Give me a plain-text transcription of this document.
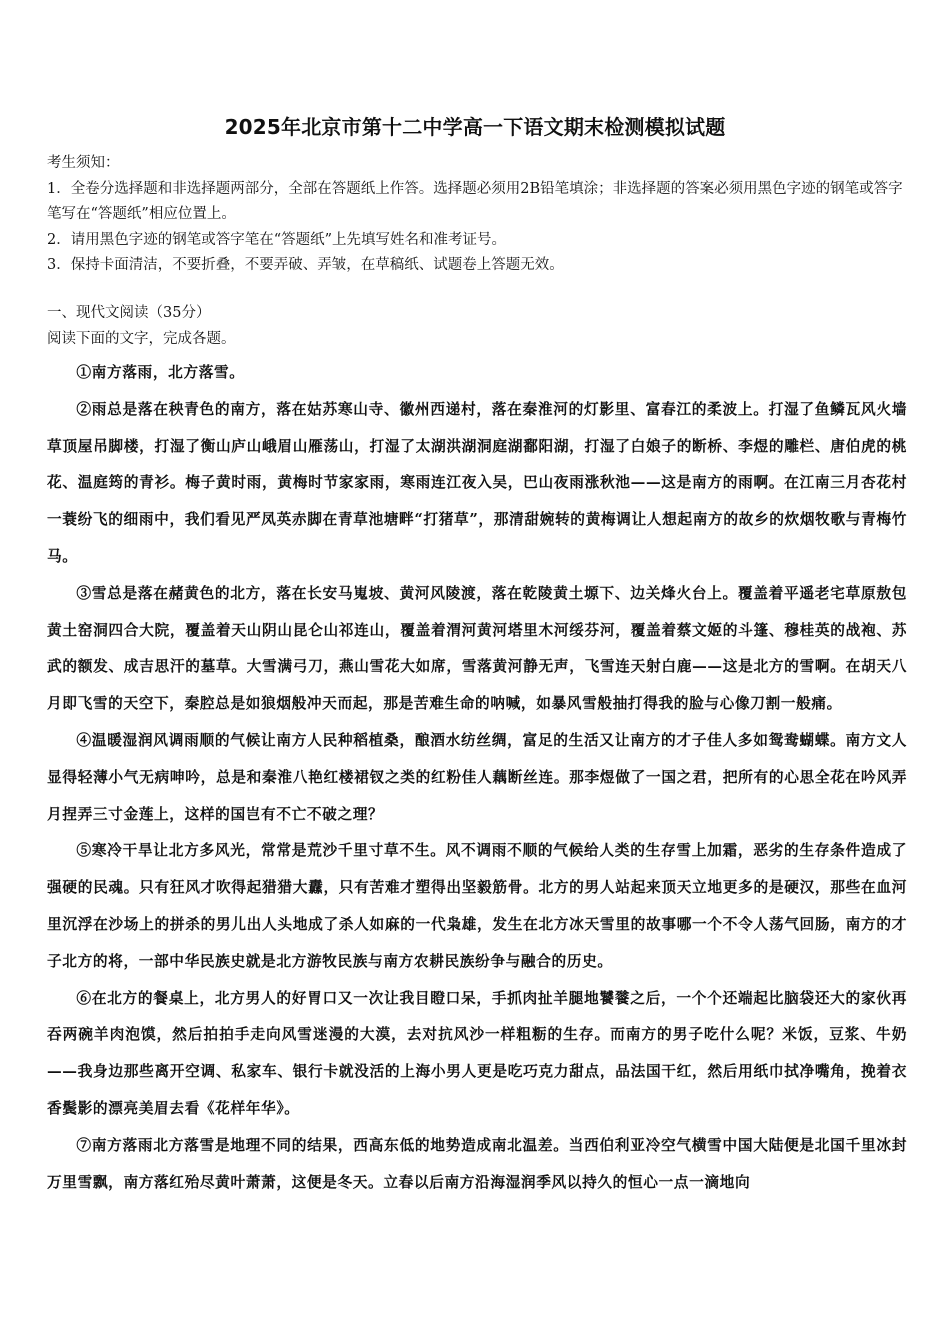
2025年北京市第十二中学高一下语文期末检测模拟试题

考生须知：

1．全卷分选择题和非选择题两部分，全部在答题纸上作答。选择题必须用2B铅笔填涂；非选择题的答案必须用黑色字迹的钢笔或答字笔写在“答题纸”相应位置上。

2．请用黑色字迹的钢笔或答字笔在“答题纸”上先填写姓名和准考证号。

3．保持卡面清洁，不要折叠，不要弄破、弄皱，在草稿纸、试题卷上答题无效。

一、现代文阅读（35分）

阅读下面的文字，完成各题。

①南方落雨，北方落雪。

②雨总是落在秧青色的南方，落在姑苏寒山寺、徽州西递村，落在秦淮河的灯影里、富春江的柔波上。打湿了鱼鳞瓦风火墙草顶屋吊脚楼，打湿了衡山庐山峨眉山雁荡山，打湿了太湖洪湖洞庭湖鄱阳湖，打湿了白娘子的断桥、李煜的雕栏、唐伯虎的桃花、温庭筠的青衫。梅子黄时雨，黄梅时节家家雨，寒雨连江夜入吴，巴山夜雨涨秋池——这是南方的雨啊。在江南三月杏花村一蓑纷飞的细雨中，我们看见严凤英赤脚在青草池塘畔“打猪草”，那清甜婉转的黄梅调让人想起南方的故乡的炊烟牧歌与青梅竹马。

③雪总是落在赭黄色的北方，落在长安马嵬坡、黄河风陵渡，落在乾陵黄土塬下、边关烽火台上。覆盖着平遥老宅草原敖包黄土窑洞四合大院，覆盖着天山阴山昆仑山祁连山，覆盖着渭河黄河塔里木河绥芬河，覆盖着蔡文姬的斗篷、穆桂英的战袍、苏武的额发、成吉思汗的墓草。大雪满弓刀，燕山雪花大如席，雪落黄河静无声，飞雪连天射白鹿——这是北方的雪啊。在胡天八月即飞雪的天空下，秦腔总是如狼烟般冲天而起，那是苦难生命的呐喊，如暴风雪般抽打得我的脸与心像刀割一般痛。

④温暖湿润风调雨顺的气候让南方人民种稻植桑，酿酒水纺丝绸，富足的生活又让南方的才子佳人多如鸳鸯蝴蝶。南方文人显得轻薄小气无病呻吟，总是和秦淮八艳红楼裙钗之类的红粉佳人藕断丝连。那李煜做了一国之君，把所有的心思全花在吟风弄月捏弄三寸金莲上，这样的国岂有不亡不破之理？

⑤寒冷干旱让北方多风光，常常是荒沙千里寸草不生。风不调雨不顺的气候给人类的生存雪上加霜，恶劣的生存条件造成了强硬的民魂。只有狂风才吹得起猎猎大纛，只有苦难才塑得出坚毅筋骨。北方的男人站起来顶天立地更多的是硬汉，那些在血河里沉浮在沙场上的拼杀的男儿出人头地成了杀人如麻的一代枭雄，发生在北方冰天雪里的故事哪一个不令人荡气回肠，南方的才子北方的将，一部中华民族史就是北方游牧民族与南方农耕民族纷争与融合的历史。

⑥在北方的餐桌上，北方男人的好胃口又一次让我目瞪口呆，手抓肉扯羊腿地饕餮之后，一个个还端起比脑袋还大的家伙再吞两碗羊肉泡馍，然后拍拍手走向风雪迷漫的大漠，去对抗风沙一样粗粝的生存。而南方的男子吃什么呢？米饭，豆浆、牛奶——我身边那些离开空调、私家车、银行卡就没活的上海小男人更是吃巧克力甜点，品法国干红，然后用纸巾拭净嘴角，挽着衣香鬓影的漂亮美眉去看《花样年华》。

⑦南方落雨北方落雪是地理不同的结果，西高东低的地势造成南北温差。当西伯利亚冷空气横雪中国大陆便是北国千里冰封万里雪飘，南方落红殆尽黄叶萧萧，这便是冬天。立春以后南方沿海湿润季风以持久的恒心一点一滴地向
